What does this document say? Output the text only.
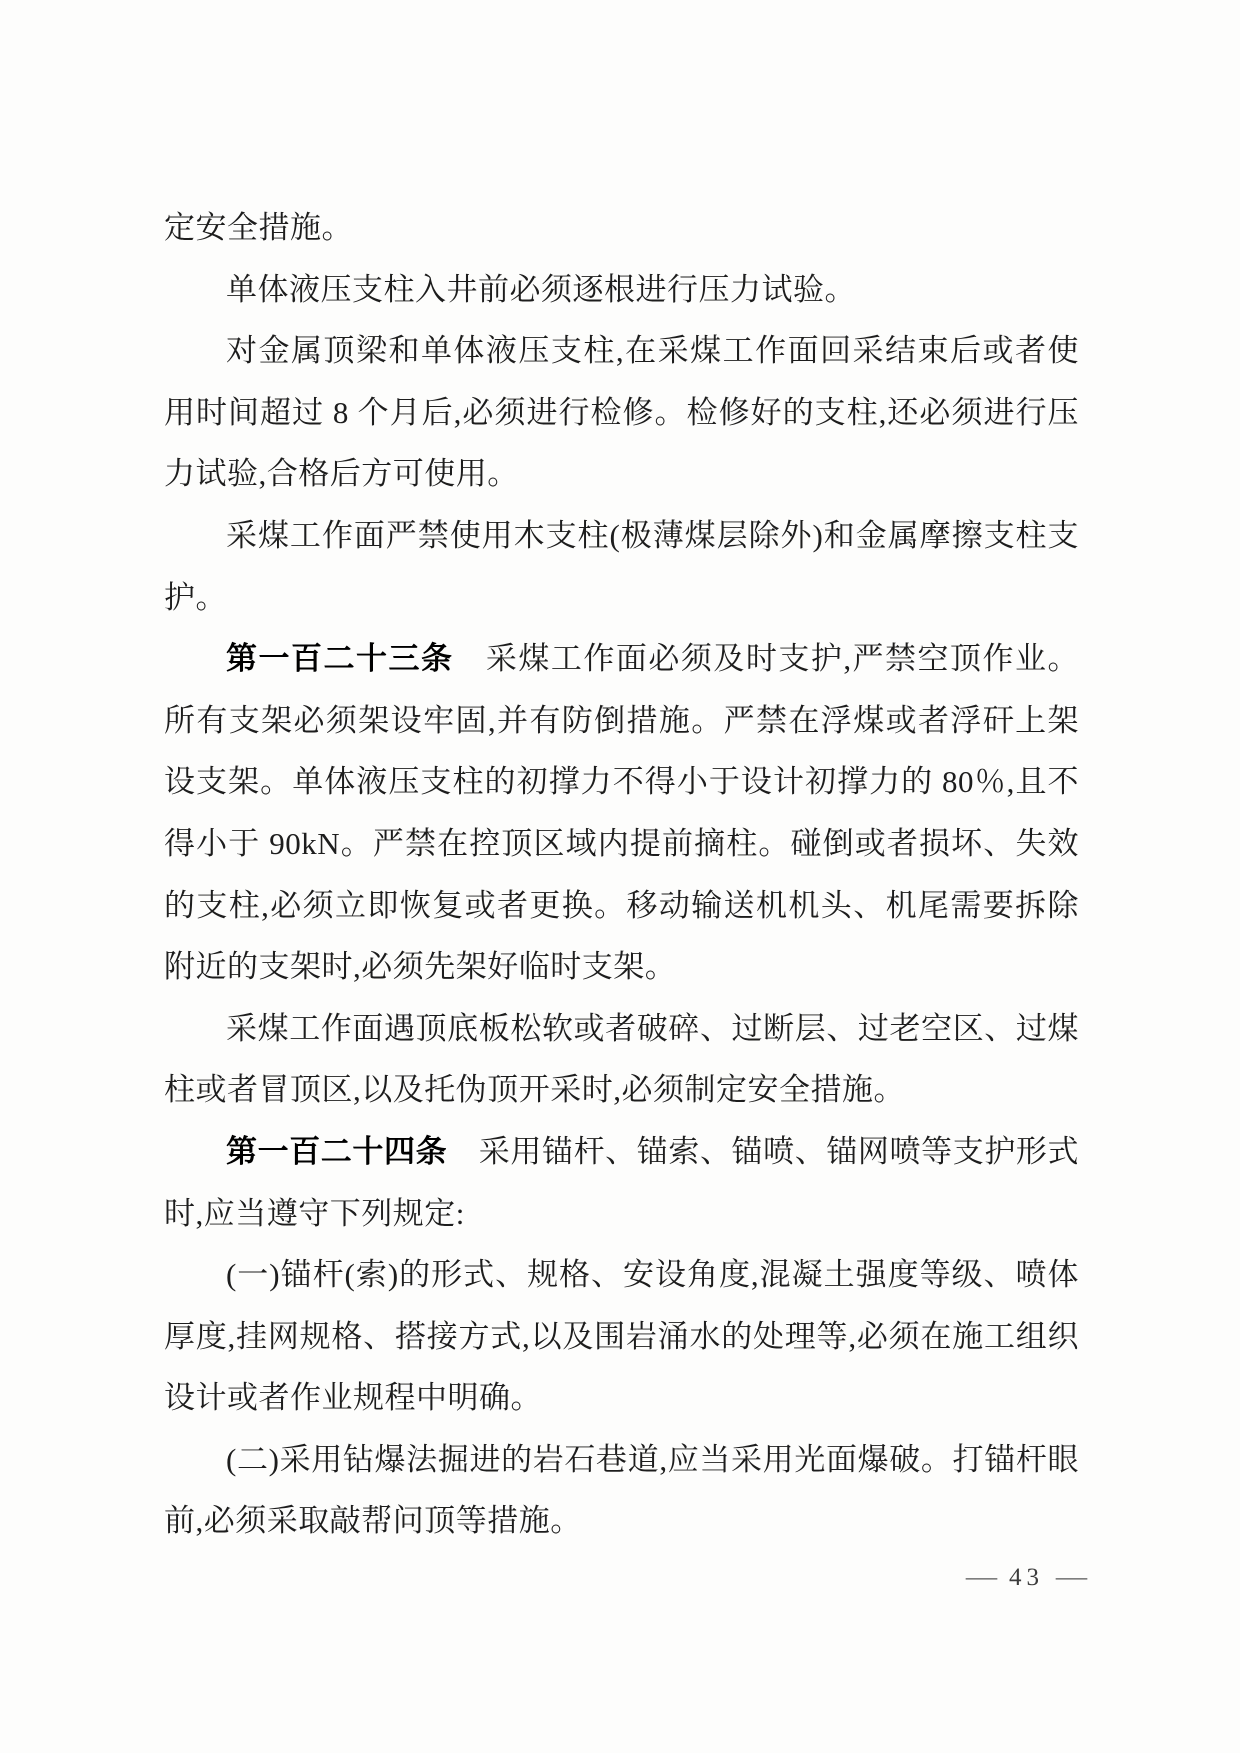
定安全措施。

单体液压支柱入井前必须逐根进行压力试验。

对金属顶梁和单体液压支柱,在采煤工作面回采结束后或者使用时间超过 8 个月后,必须进行检修。检修好的支柱,还必须进行压力试验,合格后方可使用。

采煤工作面严禁使用木支柱(极薄煤层除外)和金属摩擦支柱支护。

第一百二十三条　采煤工作面必须及时支护,严禁空顶作业。所有支架必须架设牢固,并有防倒措施。严禁在浮煤或者浮矸上架设支架。单体液压支柱的初撑力不得小于设计初撑力的 80％,且不得小于 90kN。严禁在控顶区域内提前摘柱。碰倒或者损坏、失效的支柱,必须立即恢复或者更换。移动输送机机头、机尾需要拆除附近的支架时,必须先架好临时支架。

采煤工作面遇顶底板松软或者破碎、过断层、过老空区、过煤柱或者冒顶区,以及托伪顶开采时,必须制定安全措施。

第一百二十四条　采用锚杆、锚索、锚喷、锚网喷等支护形式时,应当遵守下列规定:

(一)锚杆(索)的形式、规格、安设角度,混凝土强度等级、喷体厚度,挂网规格、搭接方式,以及围岩涌水的处理等,必须在施工组织设计或者作业规程中明确。

(二)采用钻爆法掘进的岩石巷道,应当采用光面爆破。打锚杆眼前,必须采取敲帮问顶等措施。

— 43 —
